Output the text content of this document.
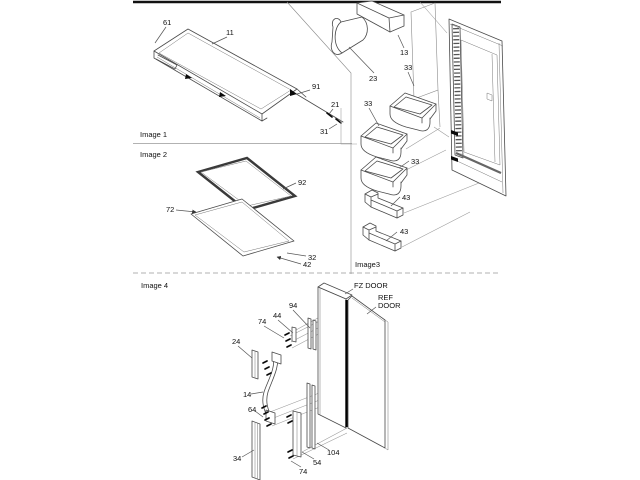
Image 1
Image 2
Image3
Image 4	FZ DOOR
REF
DOOR
61
11
91
21
31
92
72
32
42
13
23
33
33
33
43
43
94
44
74
24
14
64
34
104
54
74
